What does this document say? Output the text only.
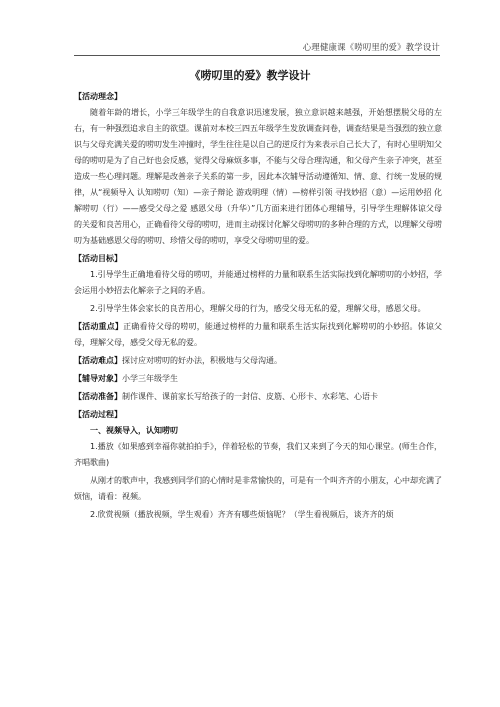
心理健康课《唠叨里的爱》教学设计
《唠叨里的爱》教学设计
【活动理念】
随着年龄的增长，小学三年级学生的自我意识迅速发展，独立意识越来越强，开始想摆脱父母的左右，有一种强烈追求自主的欲望。课前对本校三四五年级学生发放调查问卷，调查结果是当强烈的独立意识与父母充满关爱的唠叨发生冲撞时，学生往往是以自己的逆反行为来表示自己长大了，有时心里明知父母的唠叨是为了自己好也会反感，觉得父母麻烦多事，不能与父母合理沟通，和父母产生亲子冲突，甚至造成一些心理问题。理解是改善亲子关系的第一步，因此本次辅导活动遵循知、情、意、行统一发展的规律，从“视频导入 认知唠叨（知）—亲子辩论 游戏明理（情）—榜样引领 寻找妙招（意）—运用妙招 化解唠叨（行）——感受父母之爱 感恩父母（升华）”几方面来进行团体心理辅导，引导学生理解体谅父母的关爱和良苦用心，正确看待父母的唠叨，进而主动探讨化解父母唠叨的多种合理的方式，以理解父母唠叨为基础感恩父母的唠叨、珍惜父母的唠叨，享受父母唠叨里的爱。
【活动目标】
1.引导学生正确地看待父母的唠叨，并能通过榜样的力量和联系生活实际找到化解唠叨的小妙招，学会运用小妙招去化解亲子之间的矛盾。
2.引导学生体会家长的良苦用心，理解父母的行为，感受父母无私的爱，理解父母，感恩父母。
【活动重点】正确看待父母的唠叨，能通过榜样的力量和联系生活实际找到化解唠叨的小妙招。体谅父母，理解父母，感受父母无私的爱。
【活动难点】探讨应对唠叨的好办法，积极地与父母沟通。
【辅导对象】小学三年级学生
【活动准备】制作课件、课前家长写给孩子的一封信、皮筋、心形卡、水彩笔、心语卡
【活动过程】
一、视频导入，认知唠叨
1.播放《如果感到幸福你就拍拍手》，伴着轻松的节奏，我们又来到了今天的知心课堂。(师生合作，齐唱歌曲)
从刚才的歌声中，我感到同学们的心情时是非常愉快的，可是有一个叫齐齐的小朋友，心中却充满了烦恼，请看：视频。
2.欣赏视频（播放视频，学生观看）齐齐有哪些烦恼呢？（学生看视频后，谈齐齐的烦
